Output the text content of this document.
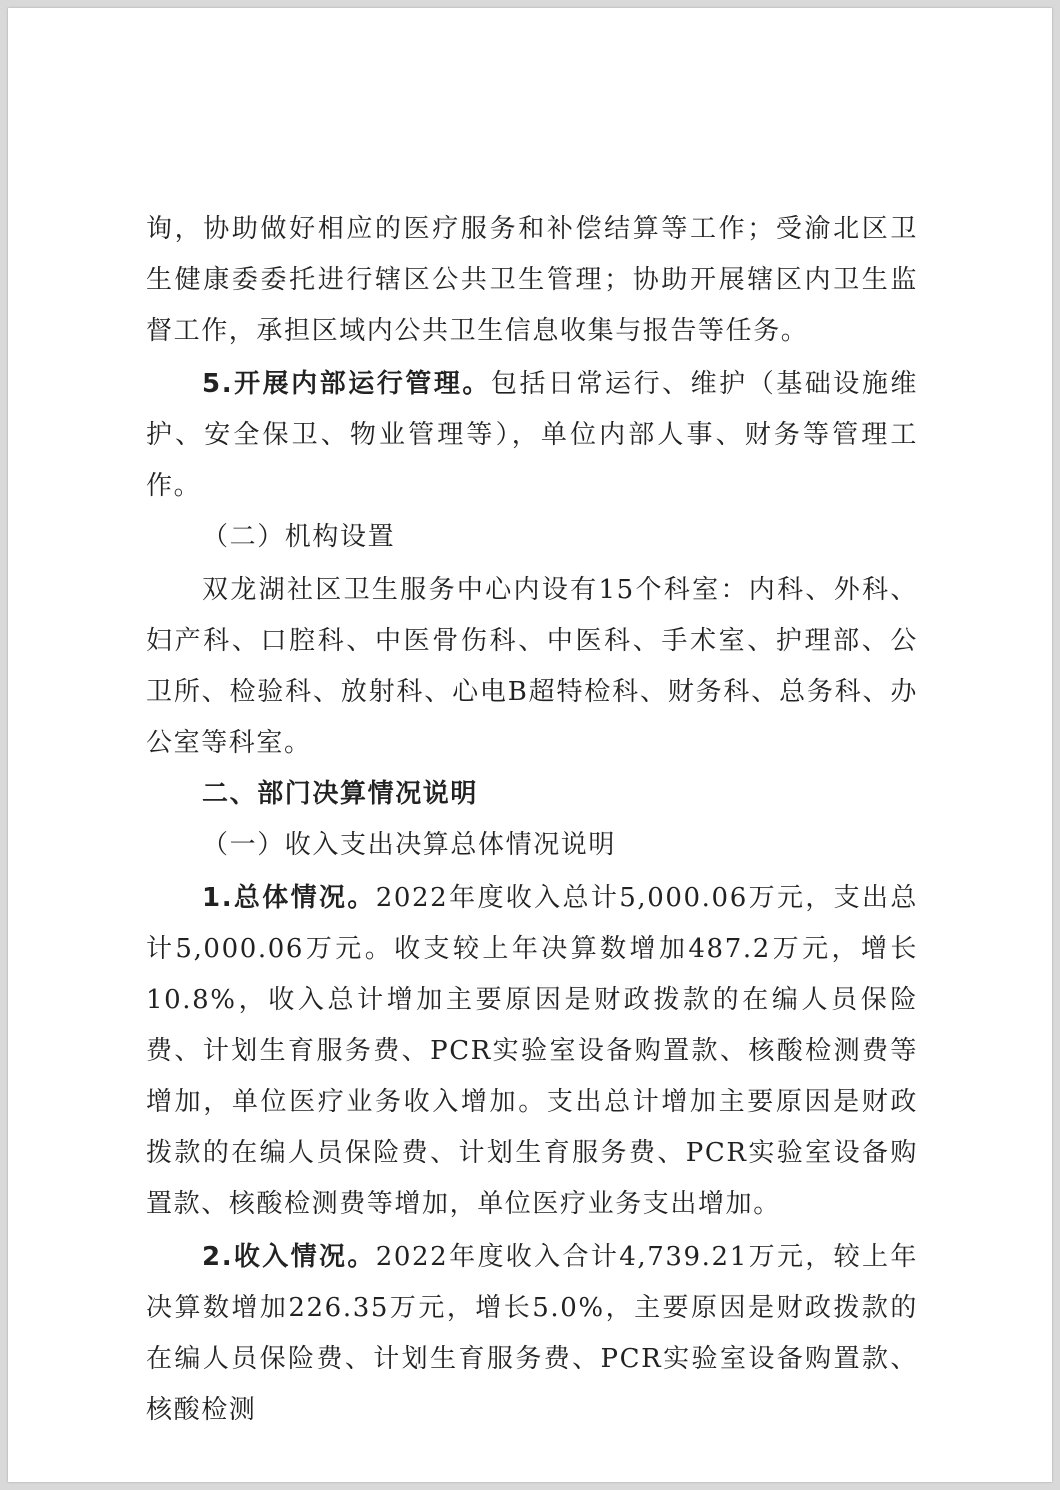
询，协助做好相应的医疗服务和补偿结算等工作；受渝北区卫生健康委委托进行辖区公共卫生管理；协助开展辖区内卫生监督工作，承担区域内公共卫生信息收集与报告等任务。

5.开展内部运行管理。包括日常运行、维护（基础设施维护、安全保卫、物业管理等），单位内部人事、财务等管理工作。

（二）机构设置

双龙湖社区卫生服务中心内设有15个科室：内科、外科、妇产科、口腔科、中医骨伤科、中医科、手术室、护理部、公卫所、检验科、放射科、心电B超特检科、财务科、总务科、办公室等科室。

二、部门决算情况说明

（一）收入支出决算总体情况说明

1.总体情况。2022年度收入总计5,000.06万元，支出总计5,000.06万元。收支较上年决算数增加487.2万元，增长10.8%，收入总计增加主要原因是财政拨款的在编人员保险费、计划生育服务费、PCR实验室设备购置款、核酸检测费等增加，单位医疗业务收入增加。支出总计增加主要原因是财政拨款的在编人员保险费、计划生育服务费、PCR实验室设备购置款、核酸检测费等增加，单位医疗业务支出增加。

2.收入情况。2022年度收入合计4,739.21万元，较上年决算数增加226.35万元，增长5.0%，主要原因是财政拨款的在编人员保险费、计划生育服务费、PCR实验室设备购置款、核酸检测
